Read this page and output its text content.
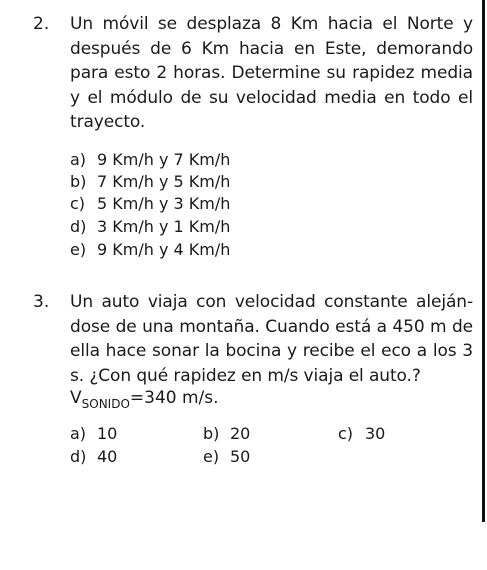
2. Un móvil se desplaza 8 Km hacia el Norte y después de 6 Km hacia en Este, demorando para esto 2 horas. Determine su rapidez media y el módulo de su velocidad media en todo el trayecto.
a) 9 Km/h y 7 Km/h
b) 7 Km/h y 5 Km/h
c) 5 Km/h y 3 Km/h
d) 3 Km/h y 1 Km/h
e) 9 Km/h y 4 Km/h
3. Un auto viaja con velocidad constante aleján-dose de una montaña. Cuando está a 450 m de ella hace sonar la bocina y recibe el eco a los 3 s. ¿Con qué rapidez en m/s viaja el auto.?
$V_{SONIDO}=340$ m/s.
a) 10	b) 20	c) 30
d) 40	e) 50
